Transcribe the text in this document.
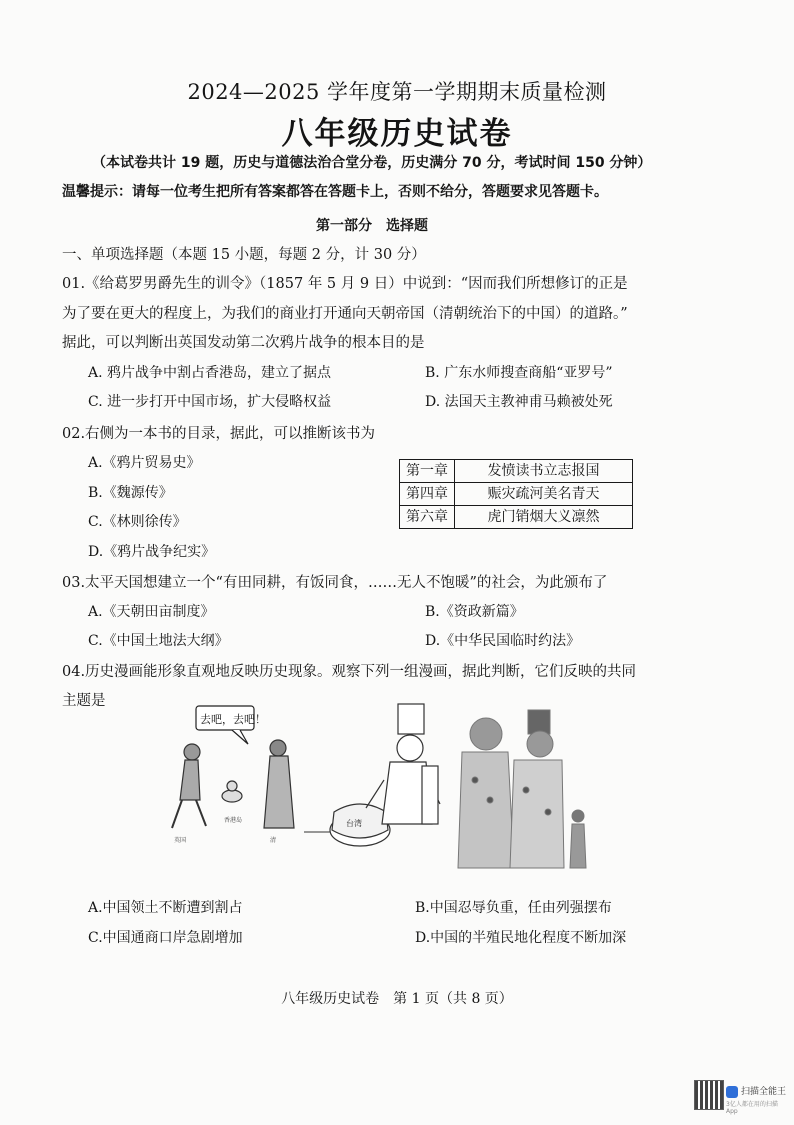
2024—2025 学年度第一学期期末质量检测
八年级历史试卷
（本试卷共计 19 题，历史与道德法治合堂分卷，历史满分 70 分，考试时间 150 分钟）
温馨提示：请每一位考生把所有答案都答在答题卡上，否则不给分，答题要求见答题卡。
第一部分　选择题
一、单项选择题（本题 15 小题，每题 2 分，计 30 分）
01.《给葛罗男爵先生的训令》（1857 年 5 月 9 日）中说到：“因而我们所想修订的正是
为了要在更大的程度上，为我们的商业打开通向天朝帝国（清朝统治下的中国）的道路。”
据此，可以判断出英国发动第二次鸦片战争的根本目的是
A. 鸦片战争中割占香港岛，建立了据点	B. 广东水师搜查商船“亚罗号”
C. 进一步打开中国市场，扩大侵略权益	D. 法国天主教神甫马赖被处死
02.右侧为一本书的目录，据此，可以推断该书为
A.《鸦片贸易史》
B.《魏源传》
C.《林则徐传》
D.《鸦片战争纪实》
第一章	发愤读书立志报国
第四章	赈灾疏河美名青天
第六章	虎门销烟大义凛然
03.太平天国想建立一个“有田同耕，有饭同食，……无人不饱暖”的社会，为此颁布了
A.《天朝田亩制度》	B.《资政新篇》
C.《中国土地法大纲》	D.《中华民国临时约法》
04.历史漫画能形象直观地反映历史现象。观察下列一组漫画，据此判断，它们反映的共同
主题是
去吧，去吧！
英国
香港岛
清
台湾
A.中国领土不断遭到割占	B.中国忍辱负重，任由列强摆布
C.中国通商口岸急剧增加	D.中国的半殖民地化程度不断加深
八年级历史试卷　第 1 页（共 8 页）
扫描全能王
3亿人都在用的扫描App
